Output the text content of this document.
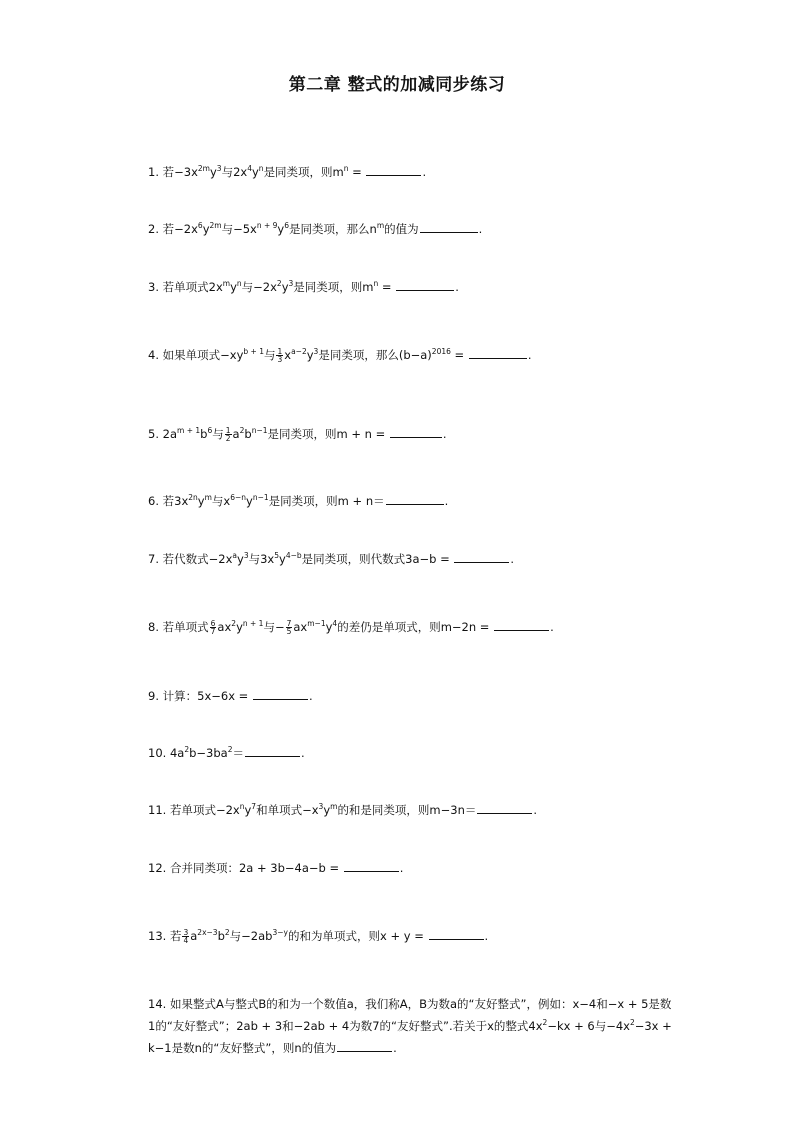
第二章 整式的加减同步练习
1. 若$-3x^{2m}y^3$与$2x^4y^n$是同类项，则$m^n$ =	.
2. 若$-2x^6y^{2m}$与$-5x^{n + 9}y^6$是同类项，那么$n^m$的值为	.
3. 若单项式$2x^my^n$与$-2x^2y^3$是同类项，则$m^n$ =	.
4. 如果单项式$-xy^{b + 1}$与 $\frac{1}{3} x^{a-2}y^3$是同类项，那么$(b-a)^{2016}$ =	.
5. $2a^{m + 1}b^6$与 $\frac{1}{2} a^2b^{n-1}$是同类项，则m + n =	.
6. 若$3x^{2n}y^m$与$x^{6-n}y^{n-1}$是同类项，则m + n＝	.
7. 若代数式$-2x^ay^3$与$3x^5y^{4-b}$是同类项，则代数式3a−b =	.
8. 若单项式 $\frac{6}{7} ax^2y^{n + 1}$与− $\frac{7}{5} ax^{m-1}y^4$的差仍是单项式，则m−2n =	.
9. 计算：5x−6x =	.
10. $4a^2b-3ba^2=$	.
11. 若单项式$-2x^ny^7$和单项式$-x^3y^m$的和是同类项，则m−3n＝	.
12. 合并同类项：2a + 3b−4a−b =	.
13. 若 $\frac{3}{4} a^{2x-3}b^2$与$-2ab^{3-y}$的和为单项式，则x + y =	.
14. 如果整式A与整式B的和为一个数值a，我们称A，B为数a的“友好整式”，例如：x−4和−x + 5是数1的“友好整式”；2ab + 3和−2ab + 4为数7的“友好整式”.若关于x的整式$4x^2-kx + 6$与$-4x^2-3x + k-1$是数n的“友好整式”，则n的值为	.
